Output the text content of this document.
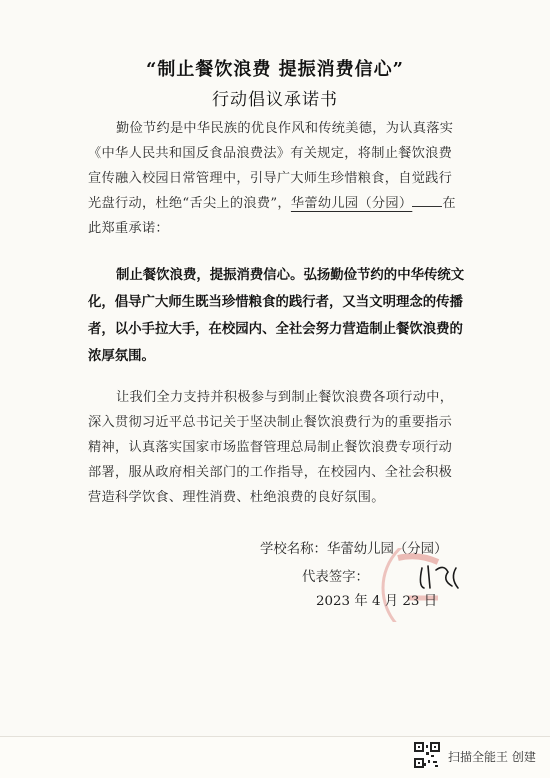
“制止餐饮浪费 提振消费信心”
行动倡议承诺书

勤俭节约是中华民族的优良作风和传统美德，为认真落实《中华人民共和国反食品浪费法》有关规定，将制止餐饮浪费宣传融入校园日常管理中，引导广大师生珍惜粮食，自觉践行光盘行动，杜绝“舌尖上的浪费”，华蕾幼儿园（分园） 在此郑重承诺：

制止餐饮浪费，提振消费信心。弘扬勤俭节约的中华传统文化，倡导广大师生既当珍惜粮食的践行者，又当文明理念的传播者，以小手拉大手，在校园内、全社会努力营造制止餐饮浪费的浓厚氛围。

让我们全力支持并积极参与到制止餐饮浪费各项行动中，深入贯彻习近平总书记关于坚决制止餐饮浪费行为的重要指示精神，认真落实国家市场监督管理总局制止餐饮浪费专项行动部署，服从政府相关部门的工作指导，在校园内、全社会积极营造科学饮食、理性消费、杜绝浪费的良好氛围。

学校名称：华蕾幼儿园（分园）
代表签字：
2023 年 4 月 23 日
扫描全能王 创建
